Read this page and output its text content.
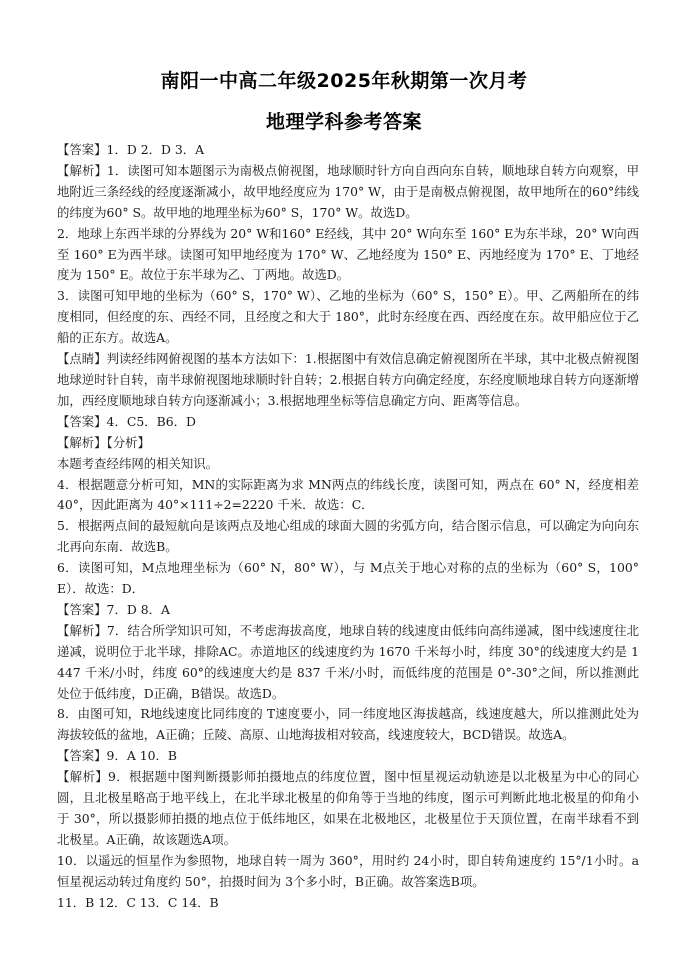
南阳一中高二年级2025年秋期第一次月考
地理学科参考答案

【答案】1．D 2．D 3．A

【解析】1．读图可知本题图示为南极点俯视图，地球顺时针方向自西向东自转，顺地球自转方向观察，甲地附近三条经线的经度逐渐减小，故甲地经度应为 170° W，由于是南极点俯视图，故甲地所在的60°纬线的纬度为60° S。故甲地的地理坐标为60° S，170° W。故选D。

2．地球上东西半球的分界线为 20° W和160° E经线，其中 20° W向东至 160° E为东半球，20° W向西至 160° E为西半球。读图可知甲地经度为 170° W、乙地经度为 150° E、丙地经度为 170° E、丁地经度为 150° E。故位于东半球为乙、丁两地。故选D。

3．读图可知甲地的坐标为（60° S，170° W）、乙地的坐标为（60° S，150° E）。甲、乙两船所在的纬度相同，但经度的东、西经不同，且经度之和大于 180°，此时东经度在西、西经度在东。故甲船应位于乙船的正东方。故选A。

【点睛】判读经纬网俯视图的基本方法如下：1.根据图中有效信息确定俯视图所在半球，其中北极点俯视图地球逆时针自转，南半球俯视图地球顺时针自转；2.根据自转方向确定经度，东经度顺地球自转方向逐渐增加，西经度顺地球自转方向逐渐减小；3.根据地理坐标等信息确定方向、距离等信息。

【答案】4．C5．B6．D

【解析】【分析】

本题考查经纬网的相关知识。

4．根据题意分析可知，MN的实际距离为求 MN两点的纬线长度，读图可知，两点在 60° N，经度相差 40°，因此距离为 40°×111÷2=2220 千米．故选：C．

5．根据两点间的最短航向是该两点及地心组成的球面大圆的劣弧方向，结合图示信息，可以确定为向向东北再向东南．故选B。

6．读图可知，M点地理坐标为（60° N，80° W），与 M点关于地心对称的点的坐标为（60° S，100° E）．故选：D．

【答案】7．D 8．A

【解析】7．结合所学知识可知，不考虑海拔高度，地球自转的线速度由低纬向高纬递减，图中线速度往北递减，说明位于北半球，排除AC。赤道地区的线速度约为 1670 千米每小时，纬度 30°的线速度大约是 1447 千米/小时，纬度 60°的线速度大约是 837 千米/小时，而低纬度的范围是 0°-30°之间，所以推测此处位于低纬度，D正确，B错误。故选D。

8．由图可知，R地线速度比同纬度的 T速度要小，同一纬度地区海拔越高，线速度越大，所以推测此处为海拔较低的盆地，A正确；丘陵、高原、山地海拔相对较高，线速度较大，BCD错误。故选A。

【答案】9．A 10．B

【解析】9．根据题中图判断摄影师拍摄地点的纬度位置，图中恒星视运动轨迹是以北极星为中心的同心圆，且北极星略高于地平线上，在北半球北极星的仰角等于当地的纬度，图示可判断此地北极星的仰角小于 30°，所以摄影师拍摄的地点位于低纬地区，如果在北极地区，北极星位于天顶位置，在南半球看不到北极星。A正确，故该题选A项。

10．以遥远的恒星作为参照物，地球自转一周为 360°，用时约 24小时，即自转角速度约 15°/1小时。a恒星视运动转过角度约 50°，拍摄时间为 3个多小时，B正确。故答案选B项。

11．B 12．C 13．C 14．B
